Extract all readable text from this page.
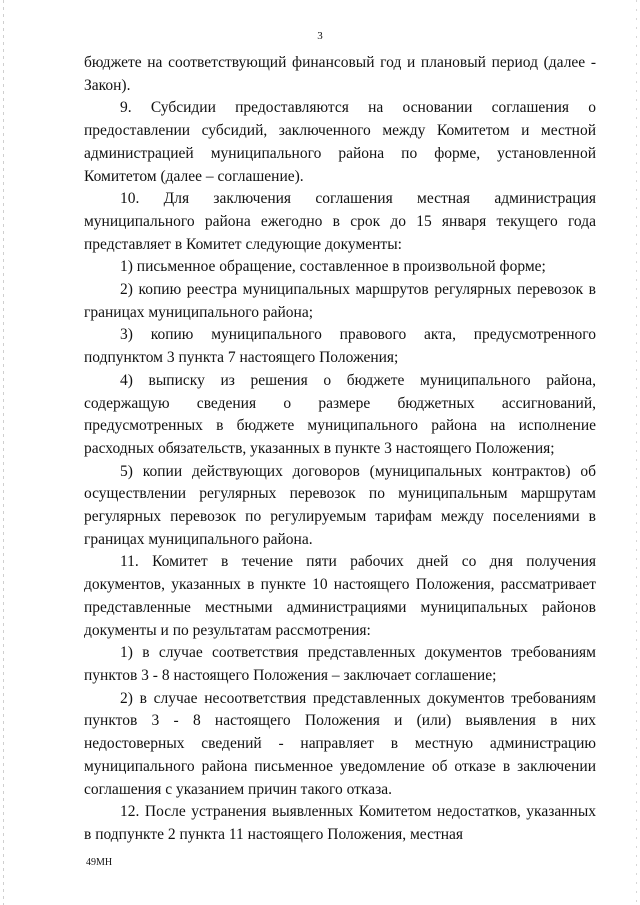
3

бюджете на соответствующий финансовый год и плановый период (далее - Закон).

9. Субсидии предоставляются на основании соглашения о предоставлении субсидий, заключенного между Комитетом и местной администрацией муниципального района по форме, установленной Комитетом (далее – соглашение).

10. Для заключения соглашения местная администрация муниципального района ежегодно в срок до 15 января текущего года представляет в Комитет следующие документы:

1) письменное обращение, составленное в произвольной форме;

2) копию реестра муниципальных маршрутов регулярных перевозок в границах муниципального района;

3) копию муниципального правового акта, предусмотренного подпунктом 3 пункта 7 настоящего Положения;

4) выписку из решения о бюджете муниципального района, содержащую сведения о размере бюджетных ассигнований, предусмотренных в бюджете муниципального района на исполнение расходных обязательств, указанных в пункте 3 настоящего Положения;

5) копии действующих договоров (муниципальных контрактов) об осуществлении регулярных перевозок по муниципальным маршрутам регулярных перевозок по регулируемым тарифам между поселениями в границах муниципального района.

11. Комитет в течение пяти рабочих дней со дня получения документов, указанных в пункте 10 настоящего Положения, рассматривает представленные местными администрациями муниципальных районов документы и по результатам рассмотрения:

1) в случае соответствия представленных документов требованиям пунктов 3 - 8 настоящего Положения – заключает соглашение;

2) в случае несоответствия представленных документов требованиям пунктов 3 - 8 настоящего Положения и (или) выявления в них недостоверных сведений - направляет в местную администрацию муниципального района письменное уведомление об отказе в заключении соглашения с указанием причин такого отказа.

12. После устранения выявленных Комитетом недостатков, указанных в подпункте 2 пункта 11 настоящего Положения, местная

49МН
